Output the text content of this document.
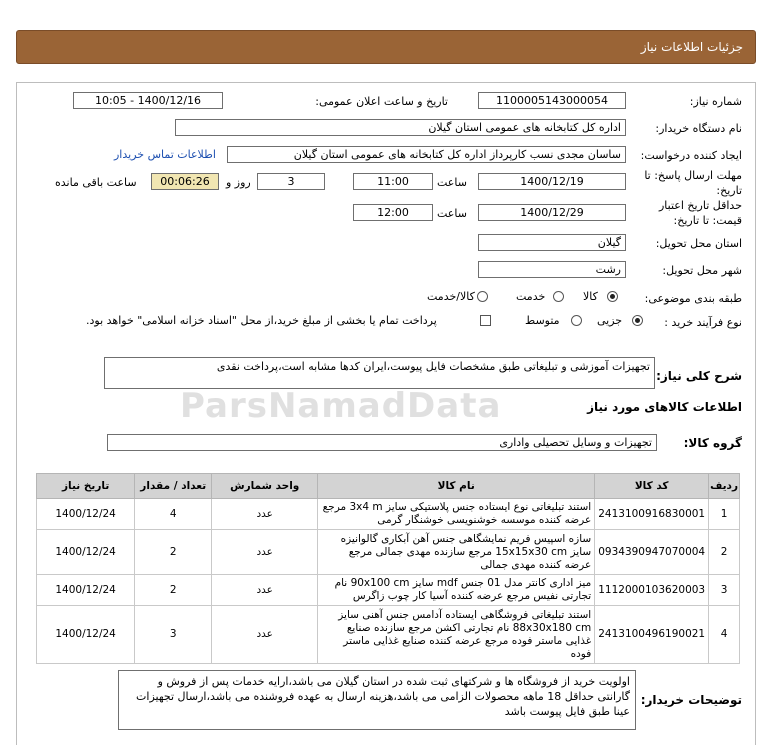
جزئیات اطلاعات نیاز
ParsNamadData
شماره نیاز:
1100005143000054
تاریخ و ساعت اعلان عمومی:
1400/12/16 - 10:05
نام دستگاه خریدار:
اداره کل کتابخانه های عمومی استان گیلان
ایجاد کننده درخواست:
ساسان مجدی نسب کارپرداز اداره کل کتابخانه های عمومی استان گیلان
اطلاعات تماس خریدار
مهلت ارسال پاسخ: تا تاریخ:
1400/12/19
ساعت
11:00
3
روز و
00:06:26
ساعت باقی مانده
حداقل تاریخ اعتبار قیمت: تا تاریخ:
1400/12/29
ساعت
12:00
استان محل تحویل:
گیلان
شهر محل تحویل:
رشت
طبقه بندی موضوعی:
کالا
خدمت
کالا/خدمت
نوع فرآیند خرید :
جزیی
متوسط
پرداخت تمام یا بخشی از مبلغ خرید،از محل "اسناد خزانه اسلامی" خواهد بود.
شرح کلی نیاز:
تجهیزات آموزشی و تبلیغاتی طبق مشخصات فایل پیوست،ایران کدها مشابه است،پرداخت نقدی
اطلاعات کالاهای مورد نیاز
گروه کالا:
تجهیزات و وسایل تحصیلی واداری
ردیف	کد کالا	نام کالا	واحد شمارش	تعداد / مقدار	تاریخ نیاز
1	2413100916830001	استند تبلیغاتی نوع ایستاده جنس پلاستیکی سایز 3x4 m مرجع عرضه کننده موسسه خوشنویسی خوشنگار گرمی	عدد	4	1400/12/24
2	0934390947070004	سازه اسپیس فریم نمایشگاهی جنس آهن آبکاری گالوانیزه سایز 15x15x30 cm مرجع سازنده مهدی جمالی مرجع عرضه کننده مهدی جمالی	عدد	2	1400/12/24
3	1112000103620003	میز اداری کانتر مدل 01 جنس mdf سایز 90x100 cm نام تجارتی نفیس مرجع عرضه کننده آسیا کار چوب زاگرس	عدد	2	1400/12/24
4	2413100496190021	استند تبلیغاتی فروشگاهی ایستاده آدامس جنس آهنی سایز 88x30x180 cm نام تجارتی اکشن مرجع سازنده صنایع غذایی ماستر فوده مرجع عرضه کننده صنایع غذایی ماستر فوده	عدد	3	1400/12/24
توضیحات خریدار:
اولویت خرید از فروشگاه ها و شرکتهای ثبت شده در استان گیلان می باشد،ارایه خدمات پس از فروش و گارانتی حداقل 18 ماهه محصولات الزامی می باشد،هزینه ارسال به عهده فروشنده می باشد،ارسال تجهیزات عینا طبق فایل پیوست باشد
